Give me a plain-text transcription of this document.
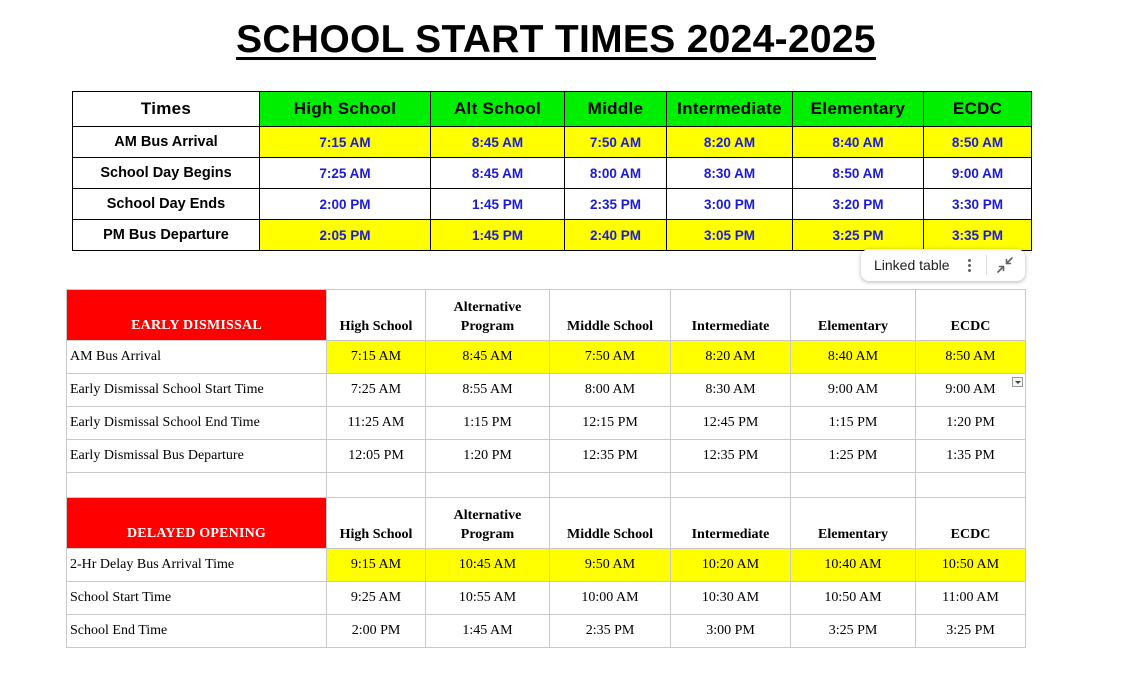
SCHOOL START TIMES 2024-2025
Times	High School	Alt School	Middle	Intermediate	Elementary	ECDC
AM Bus Arrival	7:15 AM	8:45 AM	7:50 AM	8:20 AM	8:40 AM	8:50 AM
School Day Begins	7:25 AM	8:45 AM	8:00 AM	8:30 AM	8:50 AM	9:00 AM
School Day Ends	2:00 PM	1:45 PM	2:35 PM	3:00 PM	3:20 PM	3:30 PM
PM Bus Departure	2:05 PM	1:45 PM	2:40 PM	3:05 PM	3:25 PM	3:35 PM
Linked table
EARLY DISMISSAL	High School	Alternative Program	Middle School	Intermediate	Elementary	ECDC
AM Bus Arrival	7:15 AM	8:45 AM	7:50 AM	8:20 AM	8:40 AM	8:50 AM
Early Dismissal School Start Time	7:25 AM	8:55 AM	8:00 AM	8:30 AM	9:00 AM	9:00 AM

Early Dismissal School End Time	11:25 AM	1:15 PM	12:15 PM	12:45 PM	1:15 PM	1:20 PM
Early Dismissal Bus Departure	12:05 PM	1:20 PM	12:35 PM	12:35 PM	1:25 PM	1:35 PM

DELAYED OPENING	High School	Alternative Program	Middle School	Intermediate	Elementary	ECDC
2-Hr Delay Bus Arrival Time	9:15 AM	10:45 AM	9:50 AM	10:20 AM	10:40 AM	10:50 AM
School Start Time	9:25 AM	10:55 AM	10:00 AM	10:30 AM	10:50 AM	11:00 AM
School End Time	2:00 PM	1:45 AM	2:35 PM	3:00 PM	3:25 PM	3:25 PM
